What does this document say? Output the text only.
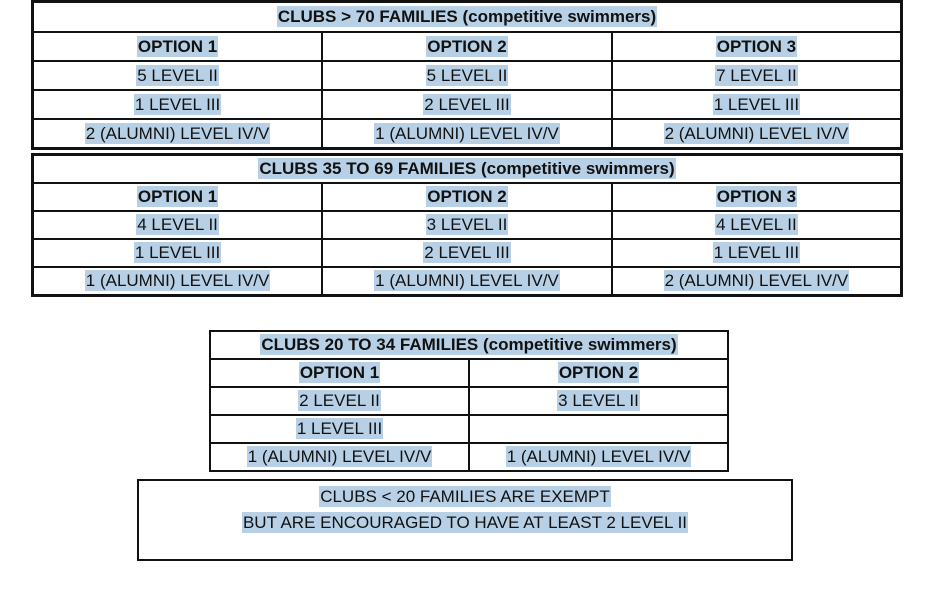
CLUBS > 70 FAMILIES (competitive swimmers)		
OPTION 1	OPTION 2	OPTION 3
5 LEVEL II	5 LEVEL II	7 LEVEL II
1 LEVEL III	2 LEVEL III	1 LEVEL III
2 (ALUMNI) LEVEL IV/V	1 (ALUMNI) LEVEL IV/V	2 (ALUMNI) LEVEL IV/V
CLUBS 35 TO 69 FAMILIES (competitive swimmers)		
OPTION 1	OPTION 2	OPTION 3
4 LEVEL II	3 LEVEL II	4 LEVEL II
1 LEVEL III	2 LEVEL III	1 LEVEL III
1 (ALUMNI) LEVEL IV/V	1 (ALUMNI) LEVEL IV/V	2 (ALUMNI) LEVEL IV/V
CLUBS 20 TO 34 FAMILIES (competitive swimmers)	
OPTION 1	OPTION 2
2 LEVEL II	3 LEVEL II
1 LEVEL III	
1 (ALUMNI) LEVEL IV/V	1 (ALUMNI) LEVEL IV/V
CLUBS < 20 FAMILIES ARE EXEMPT
BUT ARE ENCOURAGED TO HAVE AT LEAST 2 LEVEL II
